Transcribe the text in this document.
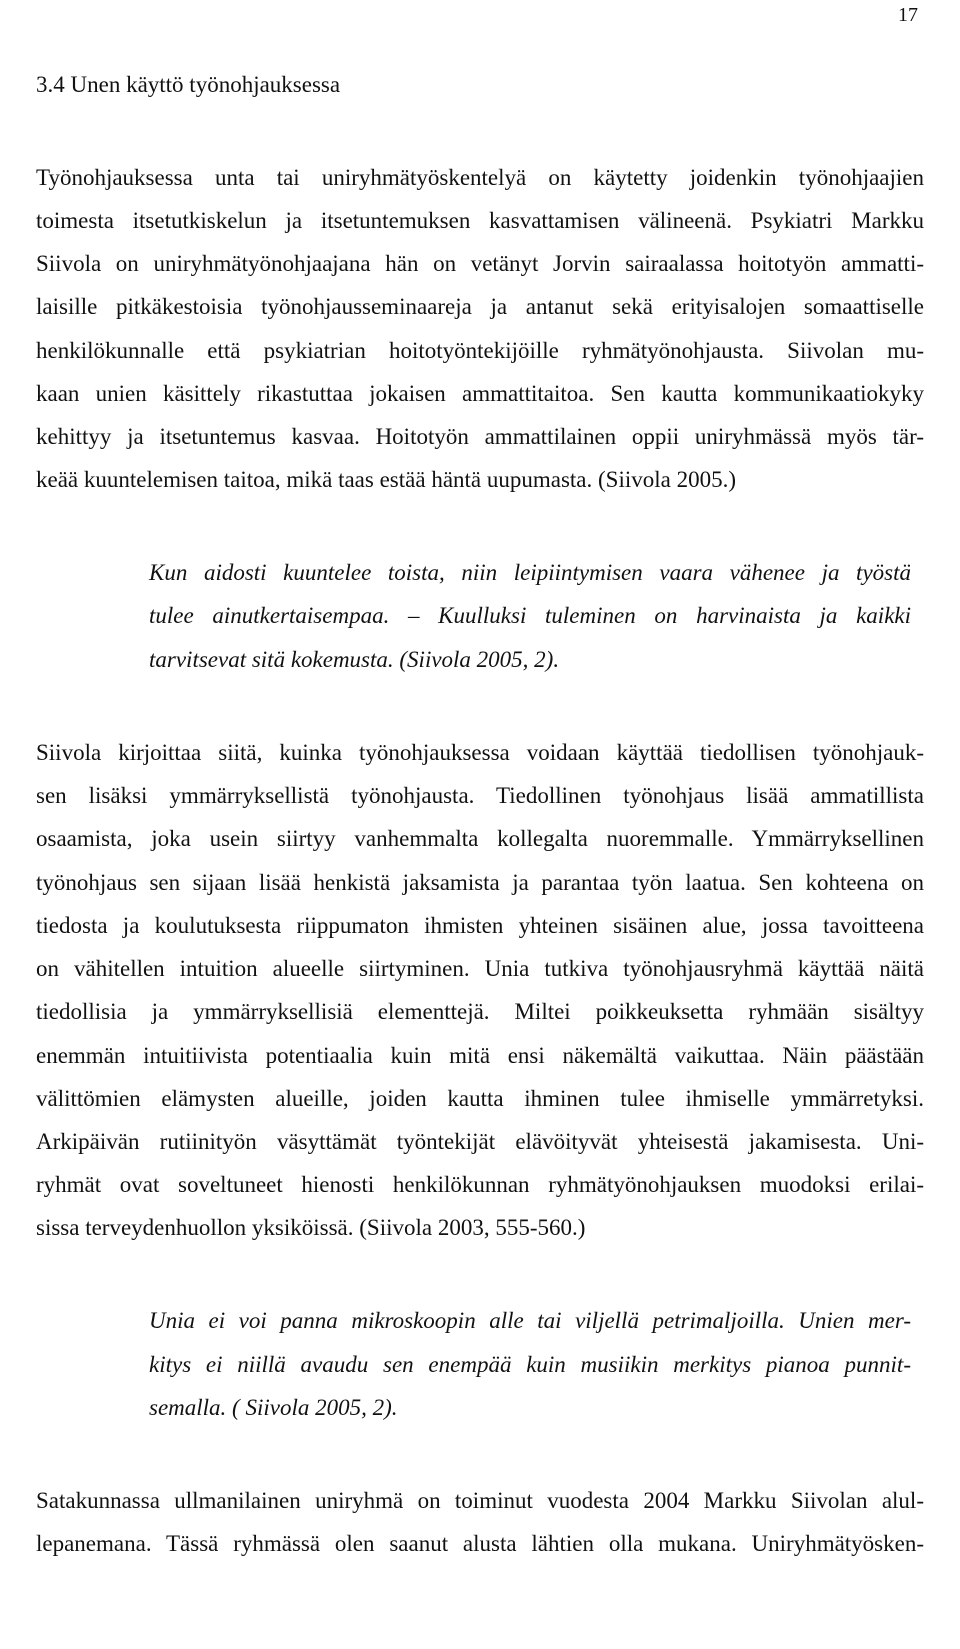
17
3.4 Unen käyttö työnohjauksessa
Työnohjauksessa unta tai uniryhmätyöskentelyä on käytetty joidenkin työnohjaajien
toimesta itsetutkiskelun ja itsetuntemuksen kasvattamisen välineenä. Psykiatri Markku
Siivola on uniryhmätyönohjaajana hän on vetänyt Jorvin sairaalassa hoitotyön ammatti-
laisille pitkäkestoisia työnohjausseminaareja ja antanut sekä erityisalojen somaattiselle
henkilökunnalle että psykiatrian hoitotyöntekijöille ryhmätyönohjausta. Siivolan mu-
kaan unien käsittely rikastuttaa jokaisen ammattitaitoa. Sen kautta kommunikaatiokyky
kehittyy ja itsetuntemus kasvaa. Hoitotyön ammattilainen oppii uniryhmässä myös tär-
keää kuuntelemisen taitoa, mikä taas estää häntä uupumasta. (Siivola 2005.)
Kun aidosti kuuntelee toista, niin leipiintymisen vaara vähenee ja työstä
tulee ainutkertaisempaa. – Kuulluksi tuleminen on harvinaista ja kaikki
tarvitsevat sitä kokemusta. (Siivola 2005, 2).
Siivola kirjoittaa siitä, kuinka työnohjauksessa voidaan käyttää tiedollisen työnohjauk-
sen lisäksi ymmärryksellistä työnohjausta. Tiedollinen työnohjaus lisää ammatillista
osaamista, joka usein siirtyy vanhemmalta kollegalta nuoremmalle. Ymmärryksellinen
työnohjaus sen sijaan lisää henkistä jaksamista ja parantaa työn laatua. Sen kohteena on
tiedosta ja koulutuksesta riippumaton ihmisten yhteinen sisäinen alue, jossa tavoitteena
on vähitellen intuition alueelle siirtyminen. Unia tutkiva työnohjausryhmä käyttää näitä
tiedollisia ja ymmärryksellisiä elementtejä. Miltei poikkeuksetta ryhmään sisältyy
enemmän intuitiivista potentiaalia kuin mitä ensi näkemältä vaikuttaa. Näin päästään
välittömien elämysten alueille, joiden kautta ihminen tulee ihmiselle ymmärretyksi.
Arkipäivän rutiinityön väsyttämät työntekijät elävöityvät yhteisestä jakamisesta. Uni-
ryhmät ovat soveltuneet hienosti henkilökunnan ryhmätyönohjauksen muodoksi erilai-
sissa terveydenhuollon yksiköissä. (Siivola 2003, 555-560.)
Unia ei voi panna mikroskoopin alle tai viljellä petrimaljoilla. Unien mer-
kitys ei niillä avaudu sen enempää kuin musiikin merkitys pianoa punnit-
semalla. ( Siivola 2005, 2).
Satakunnassa ullmanilainen uniryhmä on toiminut vuodesta 2004 Markku Siivolan alul-
lepanemana. Tässä ryhmässä olen saanut alusta lähtien olla mukana. Uniryhmätyösken-
